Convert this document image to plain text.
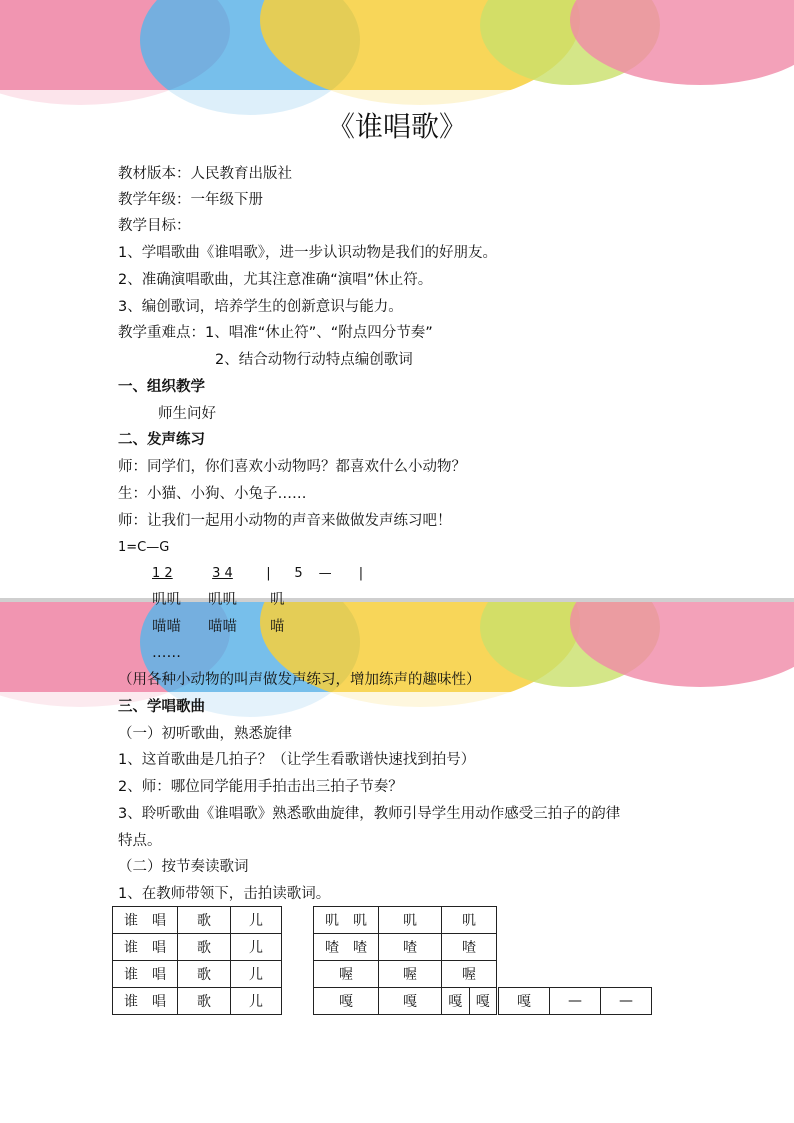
《谁唱歌》
教材版本：人民教育出版社
教学年级：一年级下册
教学目标：
1、学唱歌曲《谁唱歌》，进一步认识动物是我们的好朋友。
2、准确演唱歌曲，尤其注意准确“演唱”休止符。
3、编创歌词，培养学生的创新意识与能力。
教学重难点：1、唱准“休止符”、“附点四分节奏”
2、结合动物行动特点编创歌词
一、组织教学
师生问好
二、发声练习
师：同学们，你们喜欢小动物吗？都喜欢什么小动物？
生：小猫、小狗、小兔子……
师：让我们一起用小动物的声音来做做发声练习吧！
1=C—G
1 2	3 4	| 5 — |
叽叽 叽叽 叽
喵喵 喵喵 喵
……
（用各种小动物的叫声做发声练习，增加练声的趣味性）
三、学唱歌曲
（一）初听歌曲，熟悉旋律
1、这首歌曲是几拍子？（让学生看歌谱快速找到拍号）
2、师：哪位同学能用手拍击出三拍子节奏？
3、聆听歌曲《谁唱歌》熟悉歌曲旋律，教师引导学生用动作感受三拍子的韵律
特点。
（二）按节奏读歌词
1、在教师带领下，击拍读歌词。
谁　唱	歌	儿
谁　唱	歌	儿
谁　唱	歌	儿
谁　唱	歌	儿
叽　叽	叽	叽	
喳　喳	喳	喳	
喔	喔	喔	
嘎	嘎	嘎	嘎 嘎	—	—
